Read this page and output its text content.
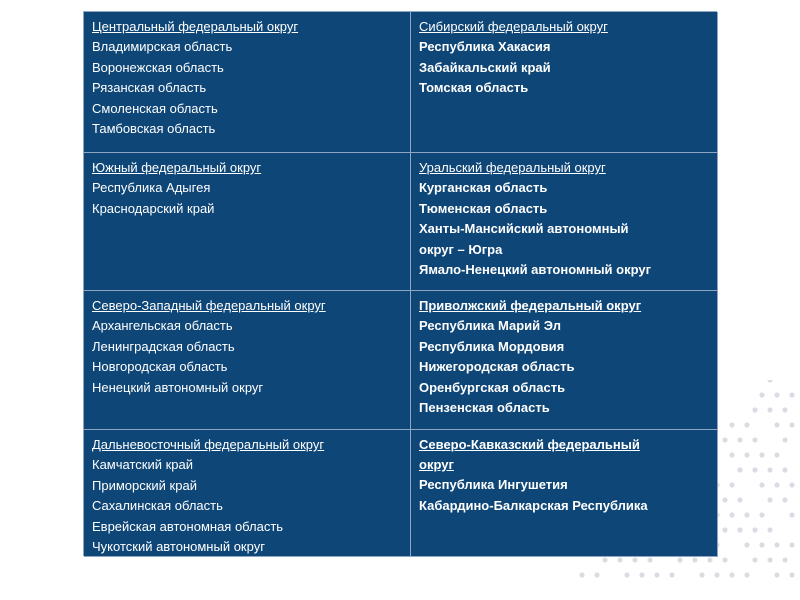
Центральный федеральный округ
Владимирская область
Воронежская область
Рязанская область
Смоленская область
Тамбовская область
Сибирский федеральный округ
Республика Хакасия
Забайкальский край
Томская область
Южный федеральный округ
Республика Адыгея
Краснодарский край
Уральский федеральный округ
Курганская область
Тюменская область
Ханты-Мансийский автономный
округ – Югра
Ямало-Ненецкий автономный округ
Северо-Западный федеральный округ
Архангельская область
Ленинградская область
Новгородская область
Ненецкий автономный округ
Приволжский федеральный округ
Республика Марий Эл
Республика Мордовия
Нижегородская область
Оренбургская область
Пензенская область
Дальневосточный федеральный округ
Камчатский край
Приморский край
Сахалинская область
Еврейская автономная область
Чукотский автономный округ
Северо-Кавказский федеральный
округ
Республика Ингушетия
Кабардино-Балкарская Республика
